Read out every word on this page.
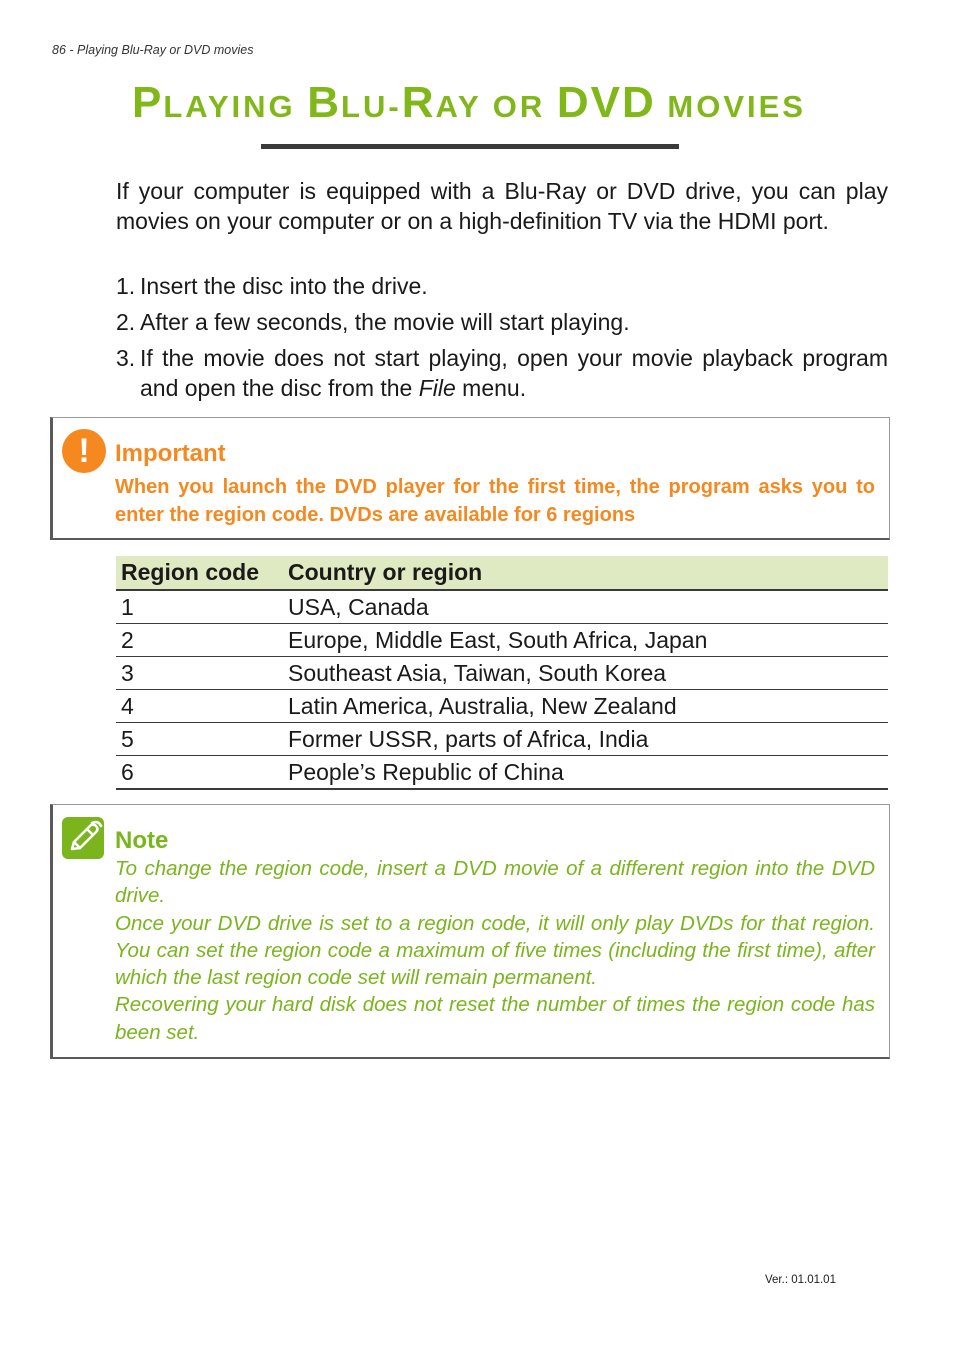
86 - Playing Blu-Ray or DVD movies
PLAYING BLU-RAY OR DVD MOVIES

If your computer is equipped with a Blu-Ray or DVD drive, you can play movies on your computer or on a high-definition TV via the HDMI port.

1. Insert the disc into the drive.
2. After a few seconds, the movie will start playing.
3. If the movie does not start playing, open your movie playback program and open the disc from the File menu.
!	Important

When you launch the DVD player for the first time, the program asks you to enter the region code. DVDs are available for 6 regions

Region code	Country or region
1	USA, Canada
2	Europe, Middle East, South Africa, Japan
3	Southeast Asia, Taiwan, South Korea
4	Latin America, Australia, New Zealand
5	Former USSR, parts of Africa, India
6	People’s Republic of China
Note

To change the region code, insert a DVD movie of a different region into the DVD drive.

Once your DVD drive is set to a region code, it will only play DVDs for that region. You can set the region code a maximum of five times (including the first time), after which the last region code set will remain permanent.

Recovering your hard disk does not reset the number of times the region code has been set.

Ver.: 01.01.01
